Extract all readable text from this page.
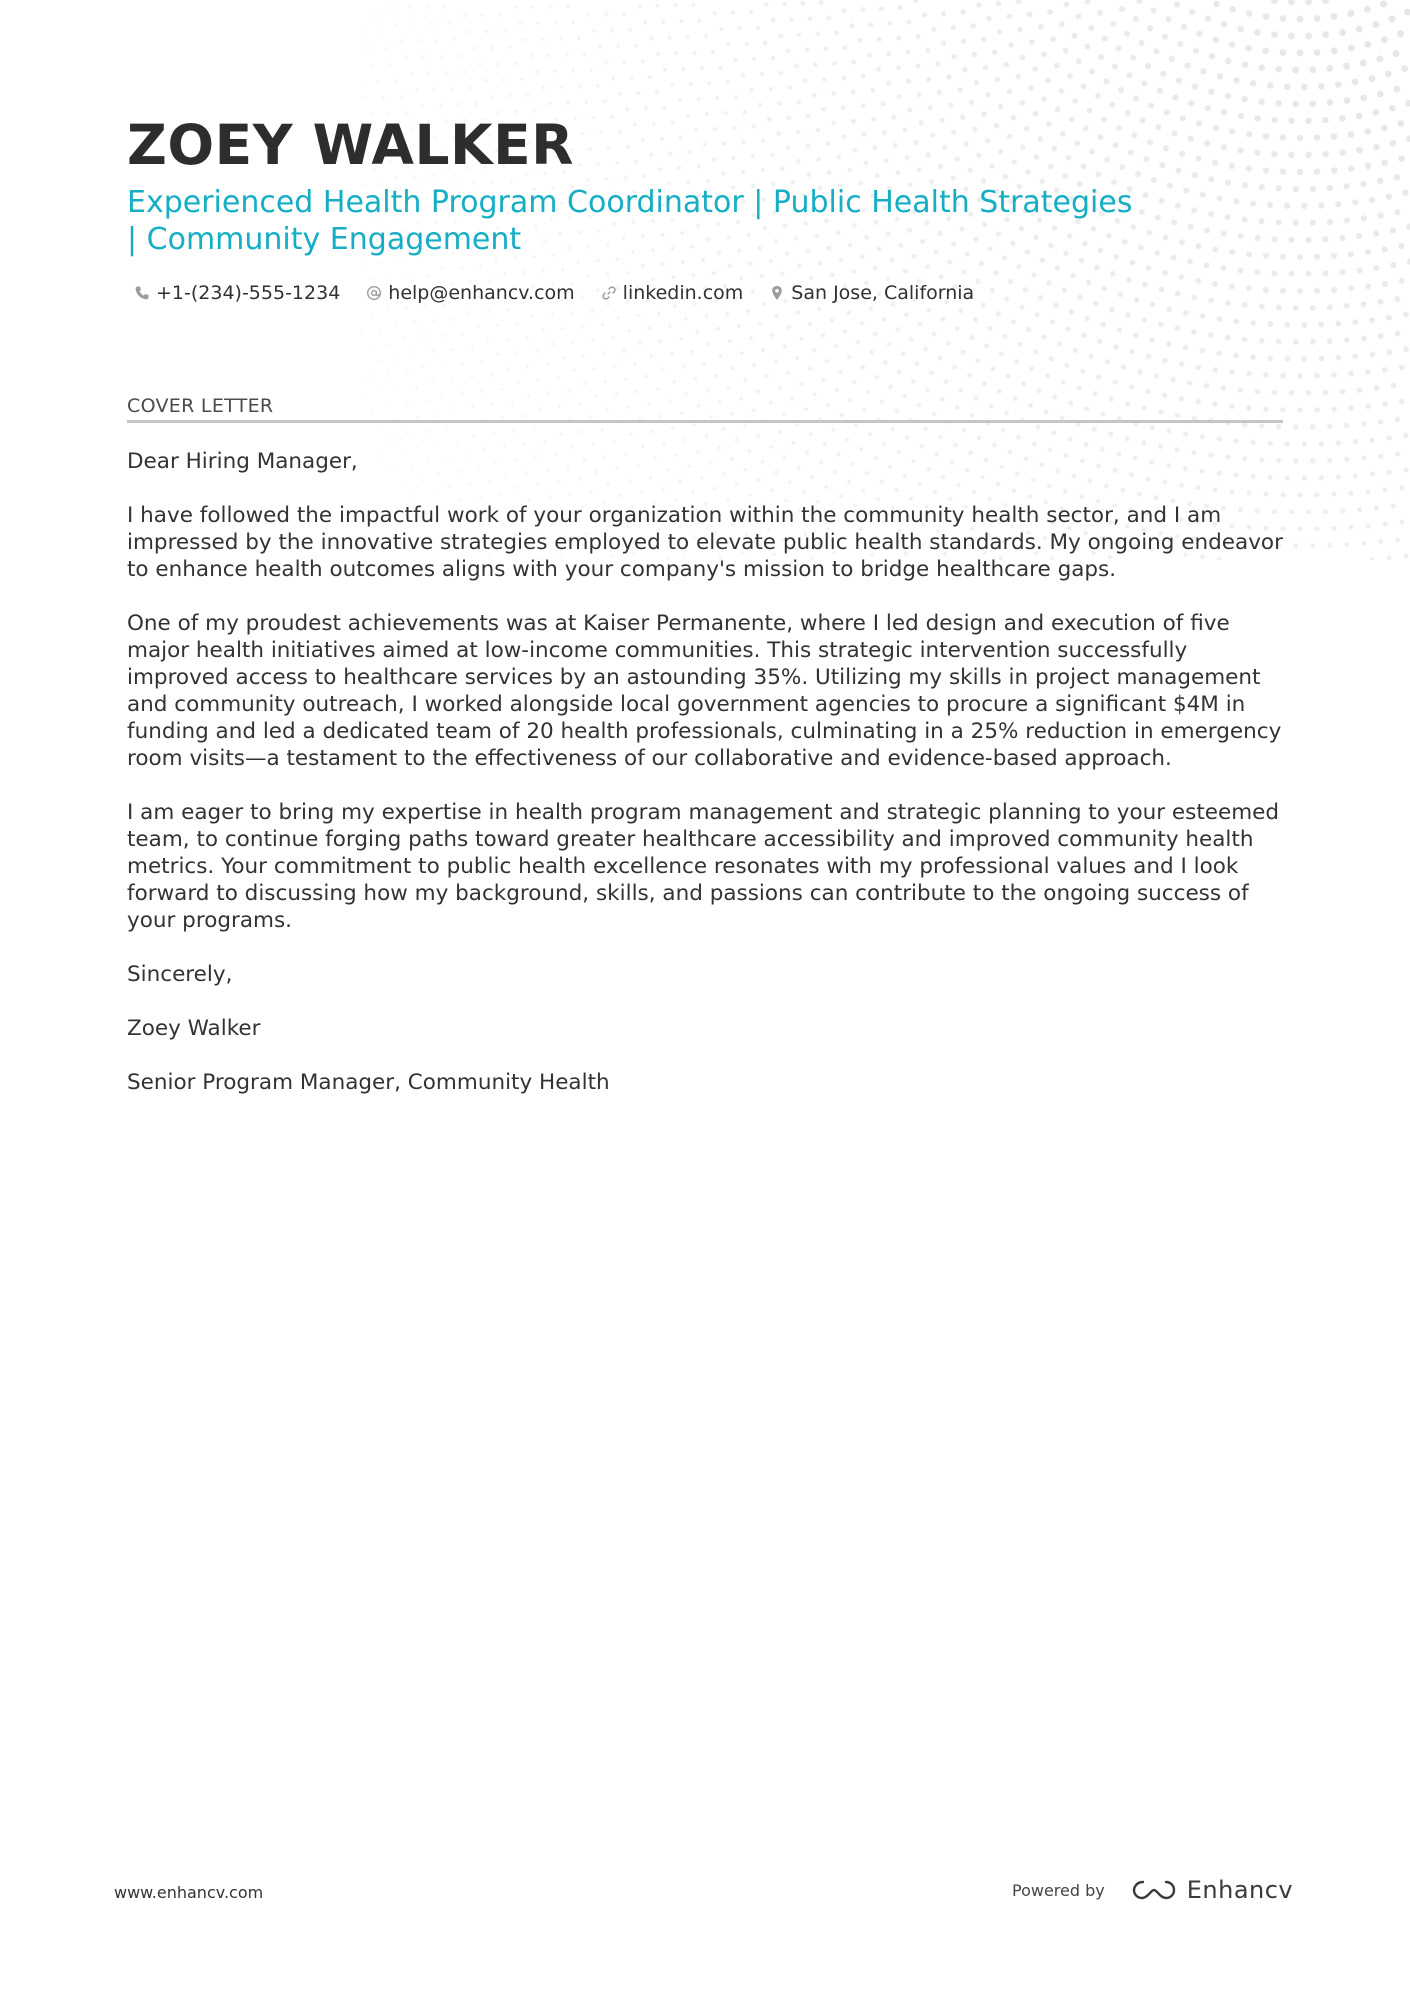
ZOEY WALKER
Experienced Health Program Coordinator | Public Health Strategies | Community Engagement
+1-(234)-555-1234	help@enhancv.com	linkedin.com	San Jose, California
COVER LETTER

Dear Hiring Manager,

I have followed the impactful work of your organization within the community health sector, and I am impressed by the innovative strategies employed to elevate public health standards. My ongoing endeavor to enhance health outcomes aligns with your company's mission to bridge healthcare gaps.

One of my proudest achievements was at Kaiser Permanente, where I led design and execution of five major health initiatives aimed at low-income communities. This strategic intervention successfully improved access to healthcare services by an astounding 35%. Utilizing my skills in project management and community outreach, I worked alongside local government agencies to procure a significant $4M in funding and led a dedicated team of 20 health professionals, culminating in a 25% reduction in emergency room visits—a testament to the effectiveness of our collaborative and evidence-based approach.

I am eager to bring my expertise in health program management and strategic planning to your esteemed team, to continue forging paths toward greater healthcare accessibility and improved community health metrics. Your commitment to public health excellence resonates with my professional values and I look forward to discussing how my background, skills, and passions can contribute to the ongoing success of your programs.

Sincerely,

Zoey Walker

Senior Program Manager, Community Health

www.enhancv.com	Powered by	Enhancv
